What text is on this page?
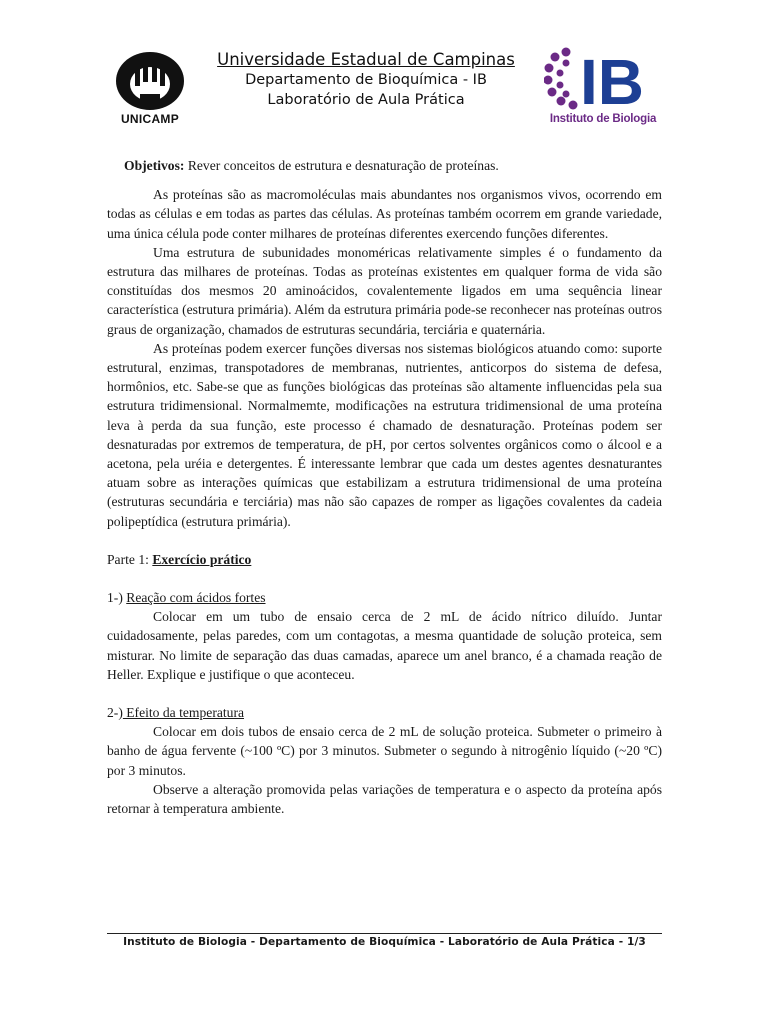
UNICAMP
Universidade Estadual de Campinas
Departamento de Bioquímica - IB
Laboratório de Aula Prática	IB
Instituto de Biologia

Objetivos: Rever conceitos de estrutura e desnaturação de proteínas.

As proteínas são as macromoléculas mais abundantes nos organismos vivos, ocorrendo em todas as células e em todas as partes das células. As proteínas também ocorrem em grande variedade, uma única célula pode conter milhares de proteínas diferentes exercendo funções diferentes.

Uma estrutura de subunidades monoméricas relativamente simples é o fundamento da estrutura das milhares de proteínas. Todas as proteínas existentes em qualquer forma de vida são constituídas dos mesmos 20 aminoácidos, covalentemente ligados em uma sequência linear característica (estrutura primária). Além da estrutura primária pode-se reconhecer nas proteínas outros graus de organização, chamados de estruturas secundária, terciária e quaternária.

As proteínas podem exercer funções diversas nos sistemas biológicos atuando como: suporte estrutural, enzimas, transpotadores de membranas, nutrientes, anticorpos do sistema de defesa, hormônios, etc. Sabe-se que as funções biológicas das proteínas são altamente influencidas pela sua estrutura tridimensional. Normalmemte, modificações na estrutura tridimensional de uma proteína leva à perda da sua função, este processo é chamado de desnaturação. Proteínas podem ser desnaturadas por extremos de temperatura, de pH, por certos solventes orgânicos como o álcool e a acetona, pela uréia e detergentes. É interessante lembrar que cada um destes agentes desnaturantes atuam sobre as interações químicas que estabilizam a estrutura tridimensional de uma proteína (estruturas secundária e terciária) mas não são capazes de romper as ligações covalentes da cadeia polipeptídica (estrutura primária).

Parte 1: Exercício prático

1-) Reação com ácidos fortes

Colocar em um tubo de ensaio cerca de 2 mL de ácido nítrico diluído. Juntar cuidadosamente, pelas paredes, com um contagotas, a mesma quantidade de solução proteica, sem misturar. No limite de separação das duas camadas, aparece um anel branco, é a chamada reação de Heller. Explique e justifique o que aconteceu.

2-) Efeito da temperatura

Colocar em dois tubos de ensaio cerca de 2 mL de solução proteica. Submeter o primeiro à banho de água fervente (~100 ºC) por 3 minutos. Submeter o segundo à nitrogênio líquido (~20 ºC) por 3 minutos.

Observe a alteração promovida pelas variações de temperatura e o aspecto da proteína após retornar à temperatura ambiente.

Instituto de Biologia - Departamento de Bioquímica - Laboratório de Aula Prática - 1/3
